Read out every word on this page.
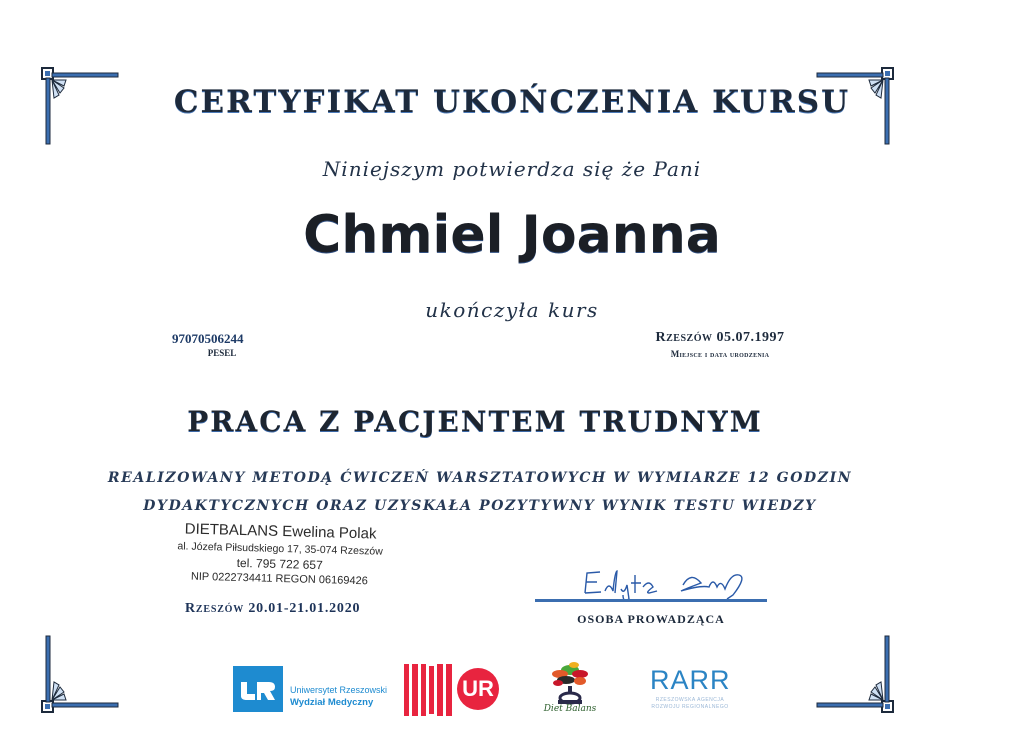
CERTYFIKAT UKOŃCZENIA KURSU
Niniejszym potwierdza się że Pani
Chmiel Joanna
ukończyła kurs
97070506244
PESEL
Rzeszów 05.07.1997
Miejsce i data urodzenia
PRACA Z PACJENTEM TRUDNYM
REALIZOWANY METODĄ ĆWICZEŃ WARSZTATOWYCH W WYMIARZE 12 GODZIN
DYDAKTYCZNYCH ORAZ UZYSKAŁA POZYTYWNY WYNIK TESTU WIEDZY
DIETBALANS Ewelina Polak
al. Józefa Piłsudskiego 17, 35-074 Rzeszów
tel. 795 722 657
NIP 0222734411 REGON 06169426
Rzeszów 20.01-21.01.2020
OSOBA PROWADZĄCA
Uniwersytet Rzeszowski
Wydział Medyczny
UR
Diet Balans
RARR
RZESZOWSKA AGENCJA ROZWOJU REGIONALNEGO
